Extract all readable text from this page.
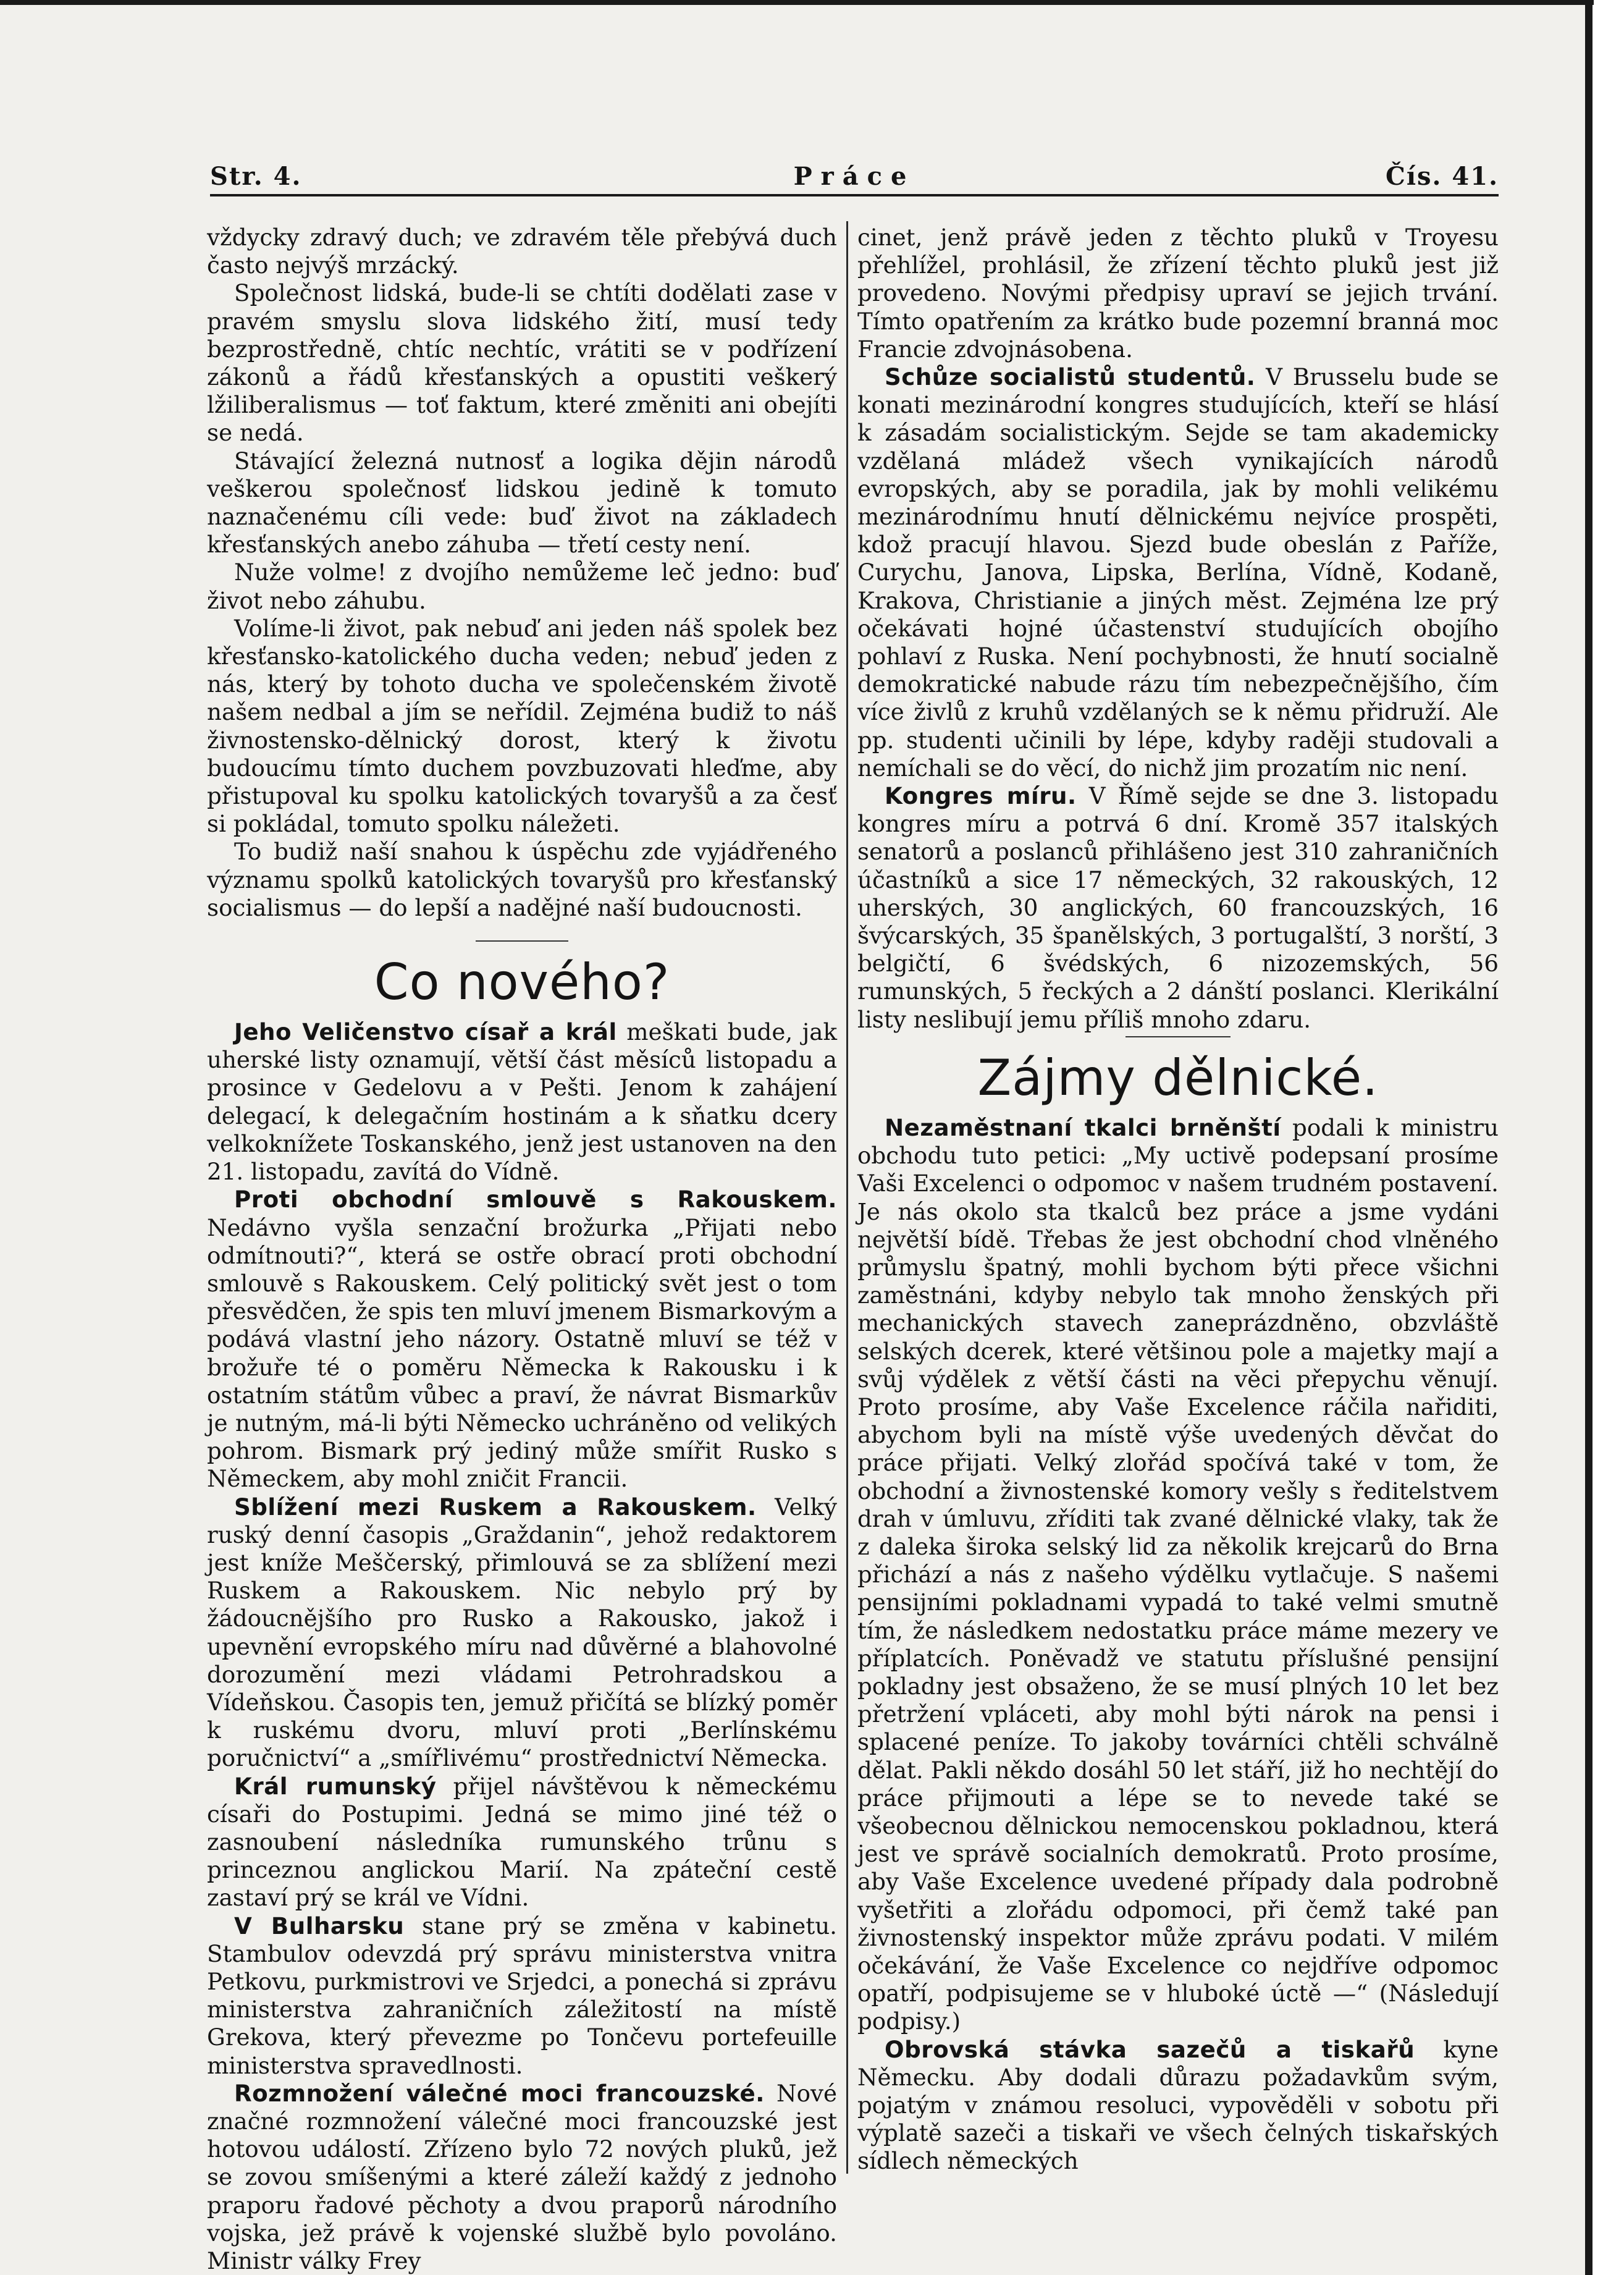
Str. 4.	Práce	Čís. 41.

vždycky zdravý duch; ve zdravém těle přebývá duch často nejvýš mrzácký.

Společnost lidská, bude-li se chtíti dodělati zase v pravém smyslu slova lidského žití, musí tedy bezprostředně, chtíc nechtíc, vrátiti se v podřízení zákonů a řádů křesťanských a opustiti veškerý lžiliberalismus — toť faktum, které změniti ani obejíti se nedá.

Stávající železná nutnosť a logika dějin národů veškerou společnosť lidskou jedině k tomuto naznačenému cíli vede: buď život na základech křesťanských anebo záhuba — třetí cesty není.

Nuže volme! z dvojího nemůžeme leč jedno: buď život nebo záhubu.

Volíme-li život, pak nebuď ani jeden náš spolek bez křesťansko-katolického ducha veden; nebuď jeden z nás, který by tohoto ducha ve společenském životě našem nedbal a jím se neřídil. Zejména budiž to náš živnostensko-dělnický dorost, který k životu budoucímu tímto duchem povzbuzovati hleďme, aby přistupoval ku spolku katolických tovaryšů a za česť si pokládal, tomuto spolku náležeti.

To budiž naší snahou k úspěchu zde vyjádřeného významu spolků katolických tovaryšů pro křesťanský socialismus — do lepší a nadějné naší budoucnosti.

Co nového?

Jeho Veličenstvo císař a král meškati bude, jak uherské listy oznamují, větší část měsíců listopadu a prosince v Gedelovu a v Pešti. Jenom k zahájení delegací, k delegačním hostinám a k sňatku dcery velkoknížete Toskanského, jenž jest ustanoven na den 21. listopadu, zavítá do Vídně.

Proti obchodní smlouvě s Rakouskem. Nedávno vyšla senzační brožurka „Přijati nebo odmítnouti?“, která se ostře obrací proti obchodní smlouvě s Rakouskem. Celý politický svět jest o tom přesvědčen, že spis ten mluví jmenem Bismarkovým a podává vlastní jeho názory. Ostatně mluví se též v brožuře té o poměru Německa k Rakousku i k ostatním státům vůbec a praví, že návrat Bismarkův je nutným, má-li býti Německo uchráněno od velikých pohrom. Bismark prý jediný může smířit Rusko s Německem, aby mohl zničit Francii.

Sblížení mezi Ruskem a Rakouskem. Velký ruský denní časopis „Graždanin“, jehož redaktorem jest kníže Meščerský, přimlouvá se za sblížení mezi Ruskem a Rakouskem. Nic nebylo prý by žádoucnějšího pro Rusko a Rakousko, jakož i upevnění evropského míru nad důvěrné a blahovolné dorozumění mezi vládami Petrohradskou a Vídeňskou. Časopis ten, jemuž přičítá se blízký poměr k ruskému dvoru, mluví proti „Berlínskému poručnictví“ a „smířlivému“ prostřednictví Německa.

Král rumunský přijel návštěvou k německému císaři do Postupimi. Jedná se mimo jiné též o zasnoubení následníka rumunského trůnu s princeznou anglickou Marií. Na zpáteční cestě zastaví prý se král ve Vídni.

V Bulharsku stane prý se změna v kabinetu. Stambulov odevzdá prý správu ministerstva vnitra Petkovu, purkmistrovi ve Srjedci, a ponechá si zprávu ministerstva zahraničních záležitostí na místě Grekova, který převezme po Tončevu portefeuille ministerstva spravedlnosti.

Rozmnožení válečné moci francouzské. Nové značné rozmnožení válečné moci francouzské jest hotovou událostí. Zřízeno bylo 72 nových pluků, jež se zovou smíšenými a které záleží každý z jednoho praporu řadové pěchoty a dvou praporů národního vojska, jež právě k vojenské službě bylo povoláno. Ministr války Frey

cinet, jenž právě jeden z těchto pluků v Troyesu přehlížel, prohlásil, že zřízení těchto pluků jest již provedeno. Novými předpisy upraví se jejich trvání. Tímto opatřením za krátko bude pozemní branná moc Francie zdvojnásobena.

Schůze socialistů studentů. V Brusselu bude se konati mezinárodní kongres studujících, kteří se hlásí k zásadám socialistickým. Sejde se tam akademicky vzdělaná mládež všech vynikajících národů evropských, aby se poradila, jak by mohli velikému mezinárodnímu hnutí dělnickému nejvíce prospěti, kdož pracují hlavou. Sjezd bude obeslán z Paříže, Curychu, Janova, Lipska, Berlína, Vídně, Kodaně, Krakova, Christianie a jiných měst. Zejména lze prý očekávati hojné účastenství studujících obojího pohlaví z Ruska. Není pochybnosti, že hnutí socialně demokratické nabude rázu tím nebezpečnějšího, čím více živlů z kruhů vzdělaných se k němu přidruží. Ale pp. studenti učinili by lépe, kdyby raději studovali a nemíchali se do věcí, do nichž jim prozatím nic není.

Kongres míru. V Římě sejde se dne 3. listopadu kongres míru a potrvá 6 dní. Kromě 357 italských senatorů a poslanců přihlášeno jest 310 zahraničních účastníků a sice 17 německých, 32 rakouských, 12 uherských, 30 anglických, 60 francouzských, 16 švýcarských, 35 španělských, 3 portugalští, 3 norští, 3 belgičtí, 6 švédských, 6 nizozemských, 56 rumunských, 5 řeckých a 2 dánští poslanci. Klerikální listy neslibují jemu příliš mnoho zdaru.

Zájmy dělnické.

Nezaměstnaní tkalci brněnští podali k ministru obchodu tuto petici: „My uctivě podepsaní prosíme Vaši Excelenci o odpomoc v našem trudném postavení. Je nás okolo sta tkalců bez práce a jsme vydáni největší bídě. Třebas že jest obchodní chod vlněného průmyslu špatný, mohli bychom býti přece všichni zaměstnáni, kdyby nebylo tak mnoho ženských při mechanických stavech zaneprázdněno, obzvláště selských dcerek, které většinou pole a majetky mají a svůj výdělek z větší části na věci přepychu věnují. Proto prosíme, aby Vaše Excelence ráčila nařiditi, abychom byli na místě výše uvedených děvčat do práce přijati. Velký zlořád spočívá také v tom, že obchodní a živnostenské komory vešly s ředitelstvem drah v úmluvu, zříditi tak zvané dělnické vlaky, tak že z daleka široka selský lid za několik krejcarů do Brna přichází a nás z našeho výdělku vytlačuje. S našemi pensijními pokladnami vypadá to také velmi smutně tím, že následkem nedostatku práce máme mezery ve příplatcích. Poněvadž ve statutu příslušné pensijní pokladny jest obsaženo, že se musí plných 10 let bez přetržení vpláceti, aby mohl býti nárok na pensi i splacené peníze. To jakoby továrníci chtěli schválně dělat. Pakli někdo dosáhl 50 let stáří, již ho nechtějí do práce přijmouti a lépe se to nevede také se všeobecnou dělnickou nemocenskou pokladnou, která jest ve správě socialních demokratů. Proto prosíme, aby Vaše Excelence uvedené případy dala podrobně vyšetřiti a zlořádu odpomoci, při čemž také pan živnostenský inspektor může zprávu podati. V milém očekávání, že Vaše Excelence co nejdříve odpomoc opatří, podpisujeme se v hluboké úctě —“ (Následují podpisy.)

Obrovská stávka sazečů a tiskařů kyne Německu. Aby dodali důrazu požadavkům svým, pojatým v známou resoluci, vypověděli v sobotu při výplatě sazeči a tiskaři ve všech čelných tiskařských sídlech německých
